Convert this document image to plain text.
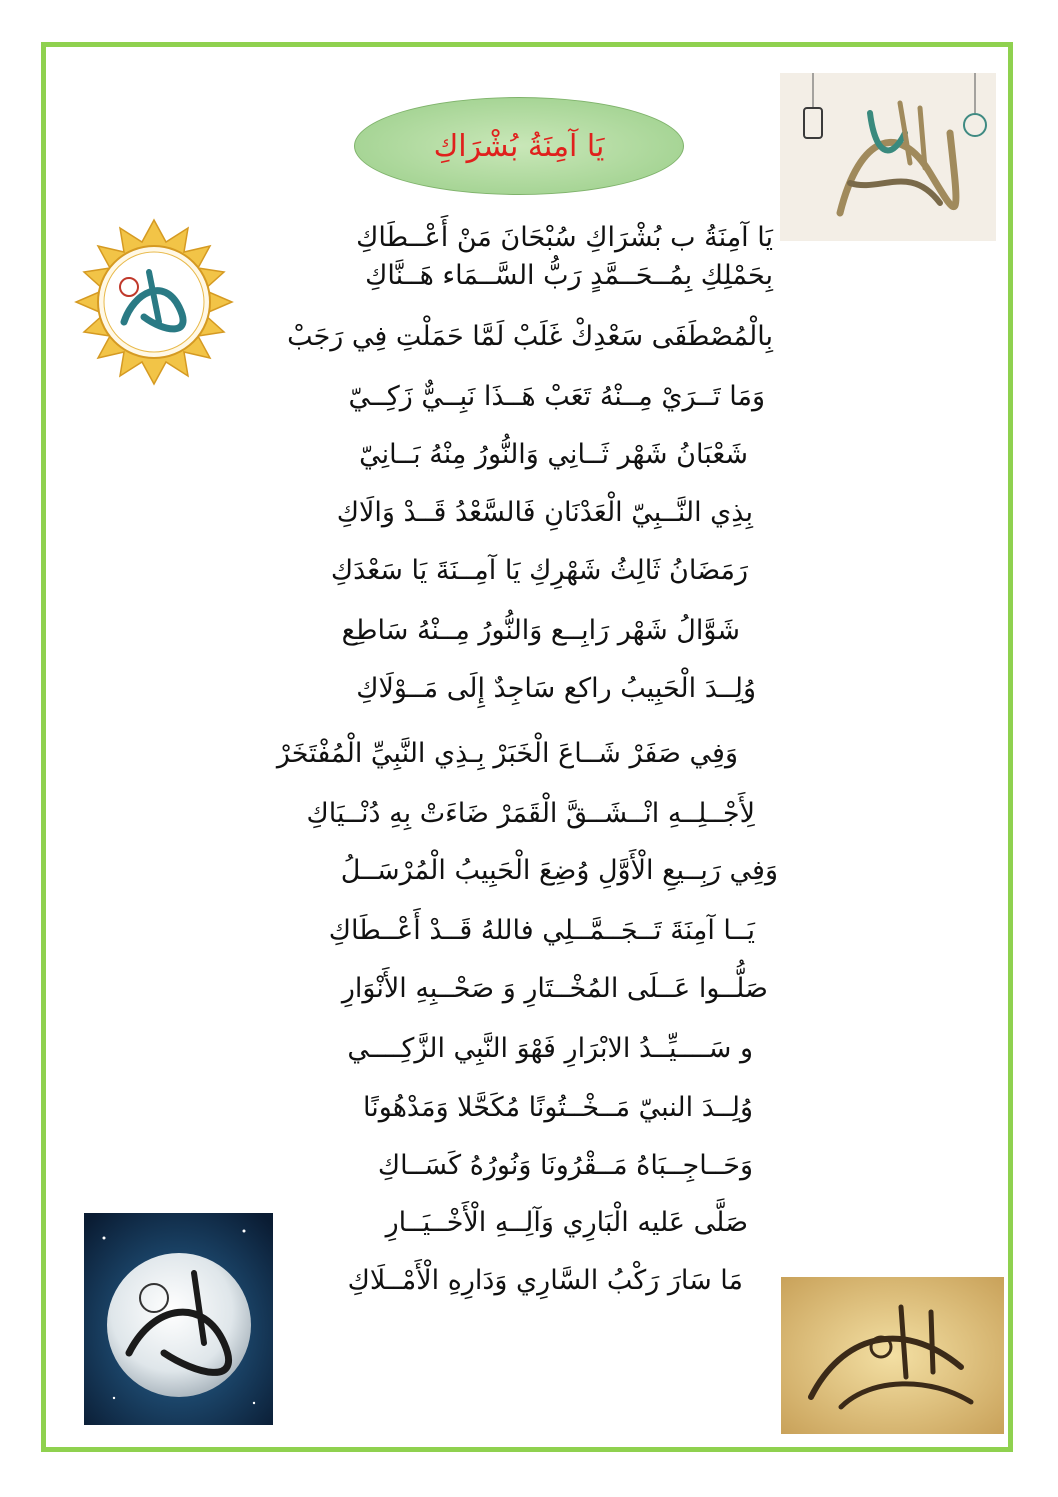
يَا آمِنَةُ بُشْرَاكِ
يَا آمِنَةُ ب بُشْرَاكِ سُبْحَانَ مَنْ أَعْــطَاكِ
بِحَمْلِكِ بِمُــحَــمَّدٍ رَبُّ السَّــمَاء هَــنَّاكِ
بِالْمُصْطَفَى سَعْدِكْ غَلَبْ لَمَّا حَمَلْتِ فِي رَجَبْ
وَمَا تَــرَيْ مِــنْهُ تَعَبْ هَــذَا نَبِــيٌّ زَكِــيّ
شَعْبَانُ شَهْر ثَــانِي وَالنُّورُ مِنْهُ بَــانِيّ
بِذِي النَّــبِيّ الْعَدْنَانِ فَالسَّعْدُ قَــدْ وَالَاكِ
رَمَضَانُ ثَالِثُ شَهْرِكِ يَا آمِــنَةَ يَا سَعْدَكِ
شَوَّالُ شَهْر رَابِــع وَالنُّورُ مِــنْهُ سَاطِع
وُلِــدَ الْحَبِيبُ راكع سَاجِدٌ إِلَى مَــوْلَاكِ
وَفِي صَفَرْ شَــاعَ الْخَبَرْ بِـذِي النَّبِيِّ الْمُفْتَخَرْ
لِأَجْــلِــهِ انْــشَــقَّ الْقَمَرْ ضَاءَتْ بِهِ دُنْــيَاكِ
وَفِي رَبِــيعِ الْأَوَّلِ وُضِعَ الْحَبِيبُ الْمُرْسَــلُ
يَــا آمِنَةَ تَــجَــمَّــلِي فاللهُ قَــدْ أَعْــطَاكِ
صَلُّــوا عَــلَى المُخْــتَارِ وَ صَحْــبِهِ الأَنْوَارِ
و سَــــيِّــدُ الابْرَارِ فَهْوَ النَّبِي الزَّكِــــي
وُلِــدَ النبيّ مَــخْــتُونًا مُكَحَّلا وَمَدْهُونًا
وَحَــاجِــبَاهُ مَــقْرُونَا وَنُورُهُ كَسَــاكِ
صَلَّى عَليه الْبَارِي وَآلِــهِ الْأَخْــيَــارِ
مَا سَارَ رَكْبُ السَّارِي وَدَارِهِ الْأَمْــلَاكِ
